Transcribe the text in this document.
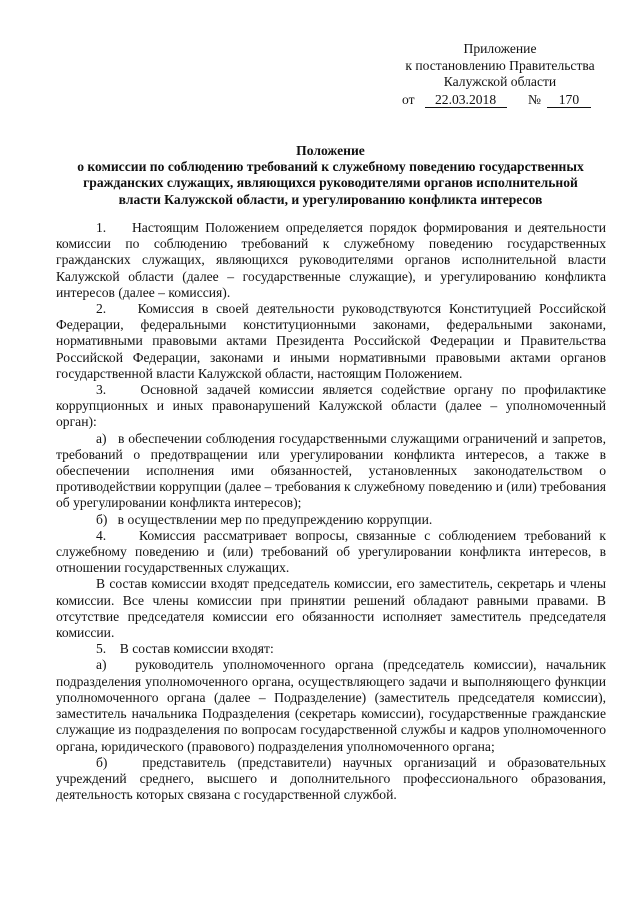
Приложение
к постановлению Правительства
Калужской области
от 22.03.2018 № 170
Положение
о комиссии по соблюдению требований к служебному поведению государственных
гражданских служащих, являющихся руководителями органов исполнительной
власти Калужской области, и урегулированию конфликта интересов

1.    Настоящим Положением определяется порядок формирования и деятельности комиссии по соблюдению требований к служебному поведению государственных гражданских служащих, являющихся руководителями органов исполнительной власти Калужской области (далее – государственные служащие), и урегулированию конфликта интересов (далее – комиссия).

2.    Комиссия в своей деятельности руководствуются Конституцией Российской Федерации, федеральными конституционными законами, федеральными законами, нормативными правовыми актами Президента Российской Федерации и Правительства Российской Федерации, законами и иными нормативными правовыми актами органов государственной власти Калужской области, настоящим Положением.

3.    Основной задачей комиссии является содействие органу по профилактике коррупционных и иных правонарушений Калужской области (далее – уполномоченный орган):

а)   в обеспечении соблюдения государственными служащими ограничений и запретов, требований о предотвращении или урегулировании конфликта интересов, а также в обеспечении исполнения ими обязанностей, установленных законодательством о противодействии коррупции (далее – требования к служебному поведению и (или) требования об урегулировании конфликта интересов);

б)   в осуществлении мер по предупреждению коррупции.

4.    Комиссия рассматривает вопросы, связанные с соблюдением требований к служебному поведению и (или) требований об урегулировании конфликта интересов, в отношении государственных служащих.

В состав комиссии входят председатель комиссии, его заместитель, секретарь и члены комиссии. Все члены комиссии при принятии решений обладают равными правами. В отсутствие председателя комиссии его обязанности исполняет заместитель председателя комиссии.

5.    В состав комиссии входят:

а)   руководитель уполномоченного органа (председатель комиссии), начальник подразделения уполномоченного органа, осуществляющего задачи и выполняющего функции уполномоченного органа (далее – Подразделение) (заместитель председателя комиссии), заместитель начальника Подразделения (секретарь комиссии), государственные гражданские служащие из подразделения по вопросам государственной службы и кадров уполномоченного органа, юридического (правового) подразделения уполномоченного органа;

б)   представитель (представители) научных организаций и образовательных учреждений среднего, высшего и дополнительного профессионального образования, деятельность которых связана с государственной службой.
